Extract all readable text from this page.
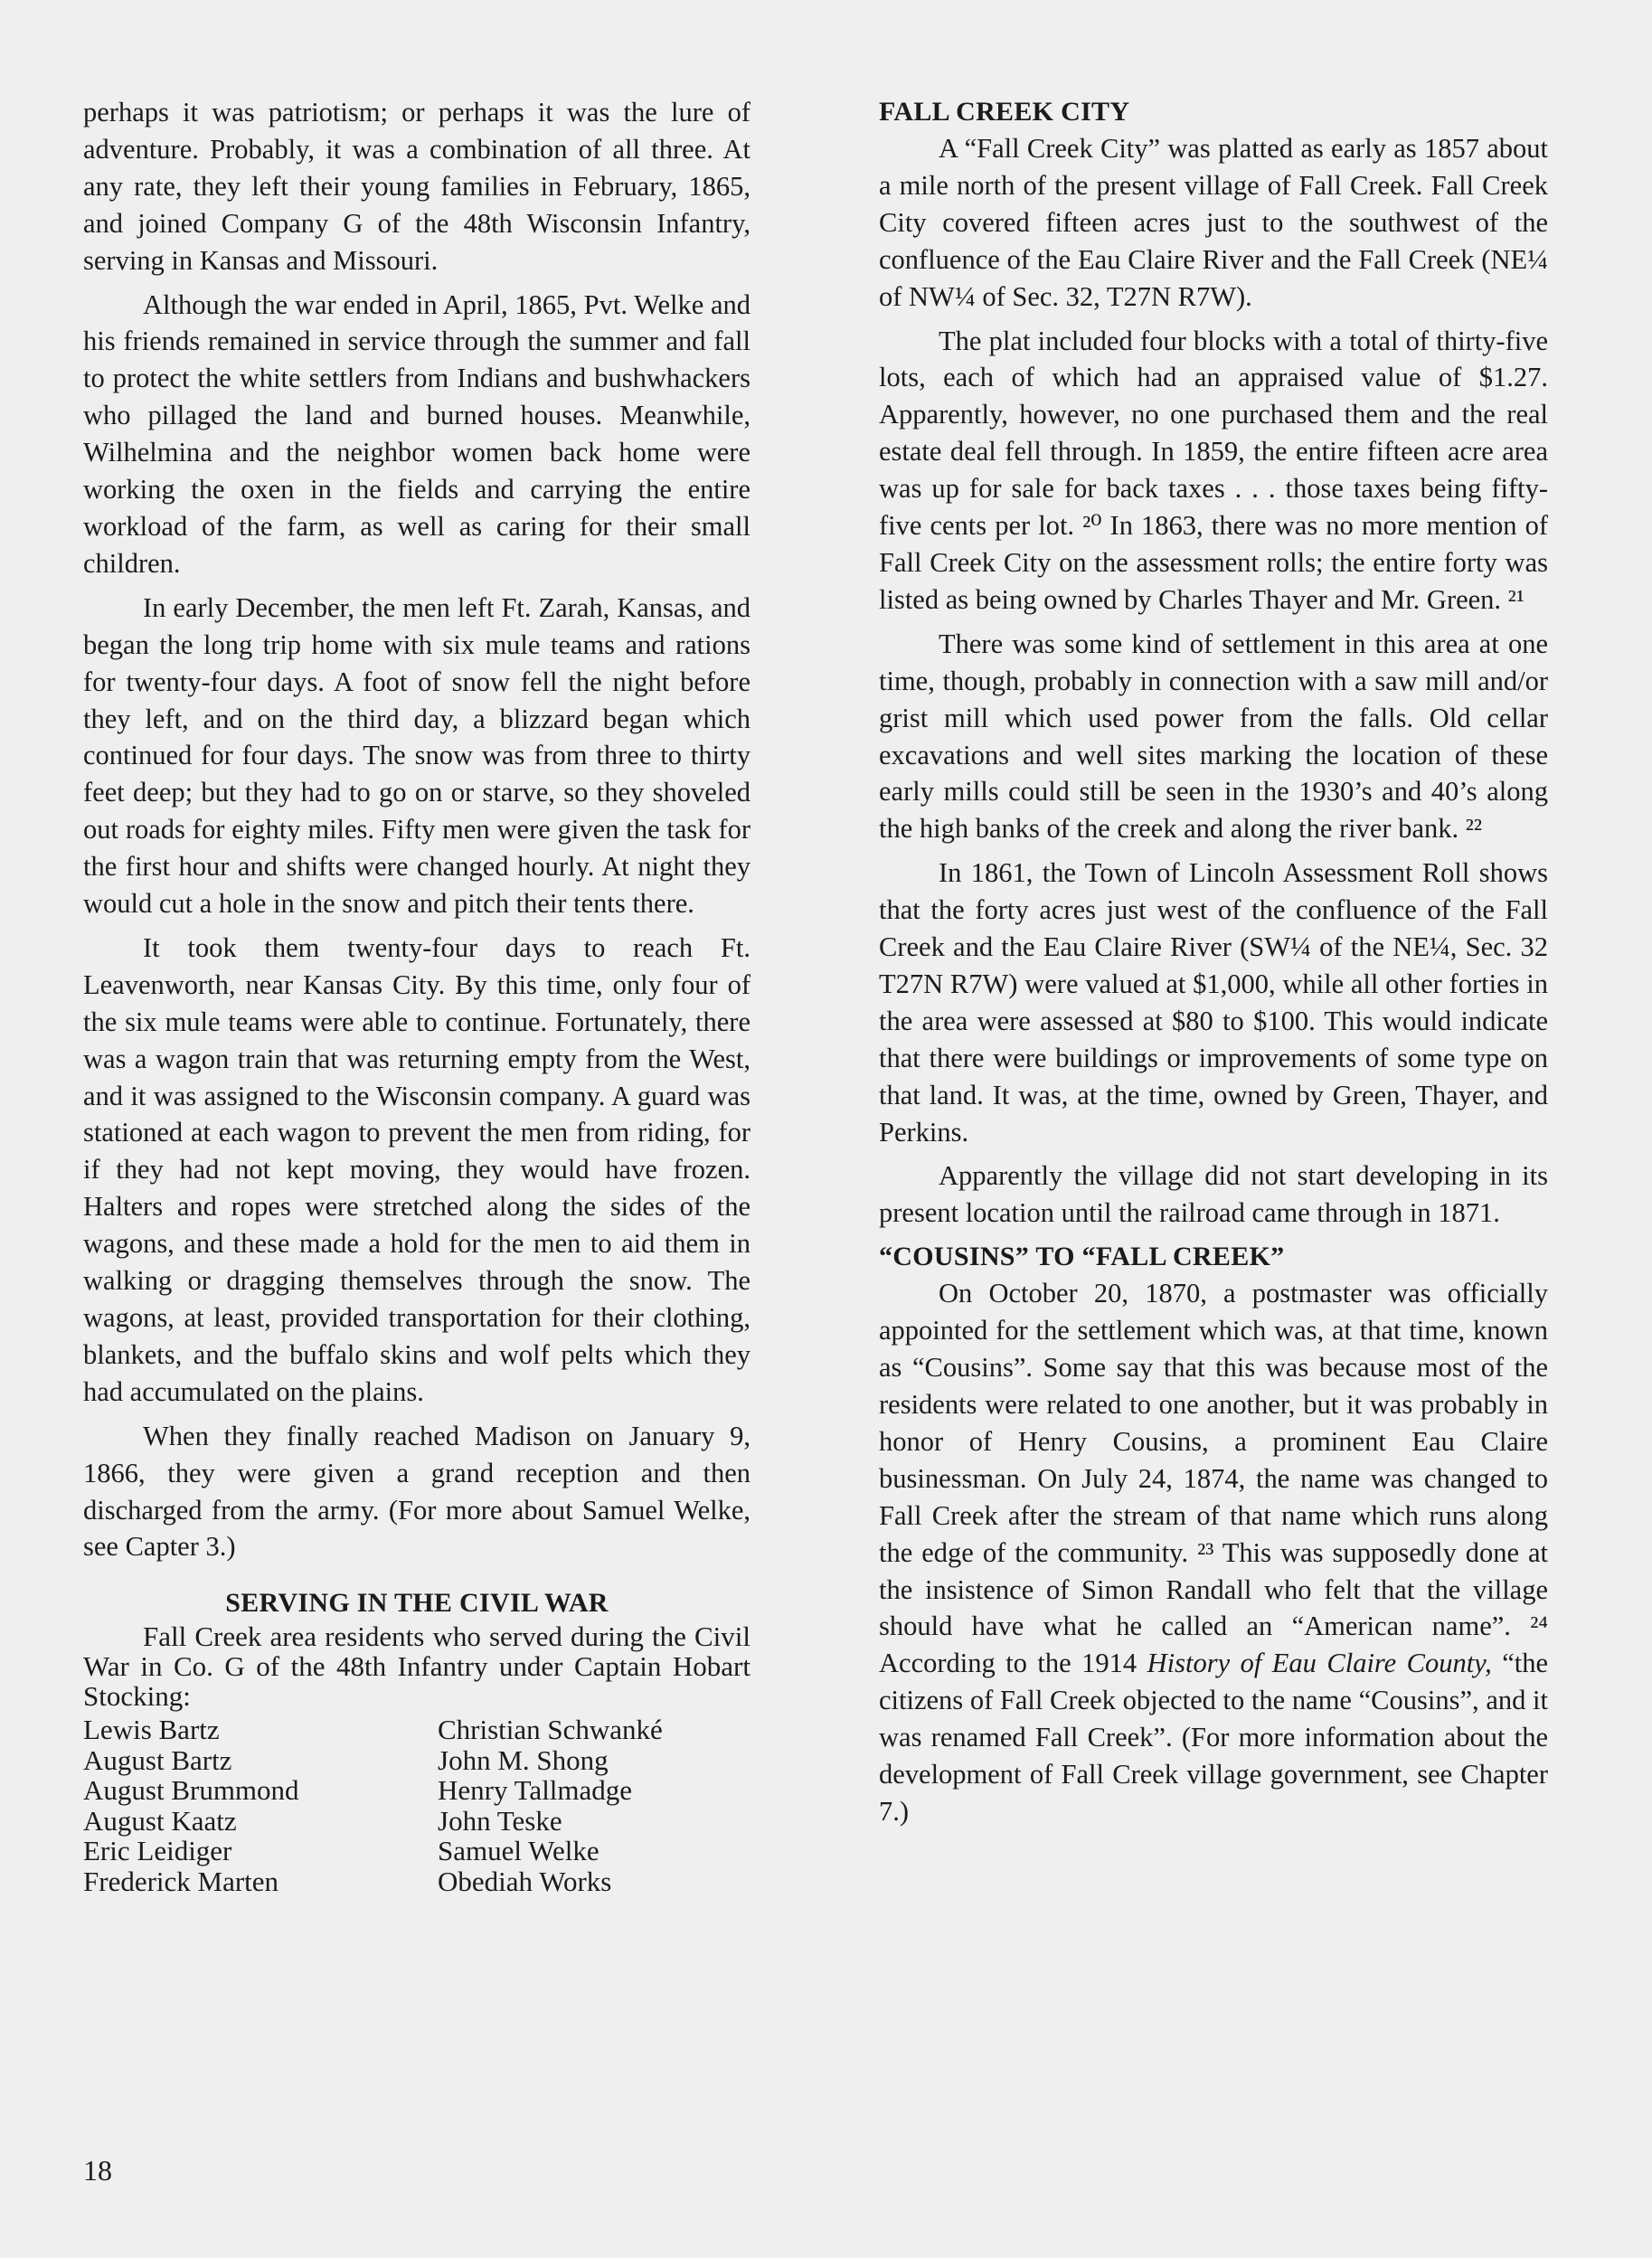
perhaps it was patriotism; or perhaps it was the lure of adventure. Probably, it was a combination of all three. At any rate, they left their young families in February, 1865, and joined Company G of the 48th Wisconsin Infantry, serving in Kansas and Missouri.

Although the war ended in April, 1865, Pvt. Welke and his friends remained in service through the summer and fall to protect the white settlers from Indians and bushwhackers who pillaged the land and burned houses. Meanwhile, Wilhelmina and the neighbor women back home were working the oxen in the fields and carrying the entire workload of the farm, as well as caring for their small children.

In early December, the men left Ft. Zarah, Kansas, and began the long trip home with six mule teams and rations for twenty-four days. A foot of snow fell the night before they left, and on the third day, a blizzard began which continued for four days. The snow was from three to thirty feet deep; but they had to go on or starve, so they shoveled out roads for eighty miles. Fifty men were given the task for the first hour and shifts were changed hourly. At night they would cut a hole in the snow and pitch their tents there.

It took them twenty-four days to reach Ft. Leavenworth, near Kansas City. By this time, only four of the six mule teams were able to continue. Fortunately, there was a wagon train that was returning empty from the West, and it was assigned to the Wisconsin company. A guard was stationed at each wagon to prevent the men from riding, for if they had not kept moving, they would have frozen. Halters and ropes were stretched along the sides of the wagons, and these made a hold for the men to aid them in walking or dragging themselves through the snow. The wagons, at least, provided transportation for their clothing, blankets, and the buffalo skins and wolf pelts which they had accumulated on the plains.

When they finally reached Madison on January 9, 1866, they were given a grand reception and then discharged from the army. (For more about Samuel Welke, see Capter 3.)

SERVING IN THE CIVIL WAR

Fall Creek area residents who served during the Civil War in Co. G of the 48th Infantry under Captain Hobart Stocking:

Lewis Bartz
August Bartz
August Brummond
August Kaatz
Eric Leidiger
Frederick Marten
Christian Schwanké
John M. Shong
Henry Tallmadge
John Teske
Samuel Welke
Obediah Works
FALL CREEK CITY

A “Fall Creek City” was platted as early as 1857 about a mile north of the present village of Fall Creek. Fall Creek City covered fifteen acres just to the southwest of the confluence of the Eau Claire River and the Fall Creek (NE¼ of NW¼ of Sec. 32, T27N R7W).

The plat included four blocks with a total of thirty-five lots, each of which had an appraised value of $1.27. Apparently, however, no one purchased them and the real estate deal fell through. In 1859, the entire fifteen acre area was up for sale for back taxes . . . those taxes being fifty-five cents per lot. ²⁰ In 1863, there was no more mention of Fall Creek City on the assessment rolls; the entire forty was listed as being owned by Charles Thayer and Mr. Green. ²¹

There was some kind of settlement in this area at one time, though, probably in connection with a saw mill and/or grist mill which used power from the falls. Old cellar excavations and well sites marking the location of these early mills could still be seen in the 1930’s and 40’s along the high banks of the creek and along the river bank. ²²

In 1861, the Town of Lincoln Assessment Roll shows that the forty acres just west of the confluence of the Fall Creek and the Eau Claire River (SW¼ of the NE¼, Sec. 32 T27N R7W) were valued at $1,000, while all other forties in the area were assessed at $80 to $100. This would indicate that there were buildings or improvements of some type on that land. It was, at the time, owned by Green, Thayer, and Perkins.

Apparently the village did not start developing in its present location until the railroad came through in 1871.

“COUSINS” TO “FALL CREEK”

On October 20, 1870, a postmaster was officially appointed for the settlement which was, at that time, known as “Cousins”. Some say that this was because most of the residents were related to one another, but it was probably in honor of Henry Cousins, a prominent Eau Claire businessman. On July 24, 1874, the name was changed to Fall Creek after the stream of that name which runs along the edge of the community. ²³ This was supposedly done at the insistence of Simon Randall who felt that the village should have what he called an “American name”. ²⁴ According to the 1914 History of Eau Claire County, “the citizens of Fall Creek objected to the name “Cousins”, and it was renamed Fall Creek”. (For more information about the development of Fall Creek village government, see Chapter 7.)

18
